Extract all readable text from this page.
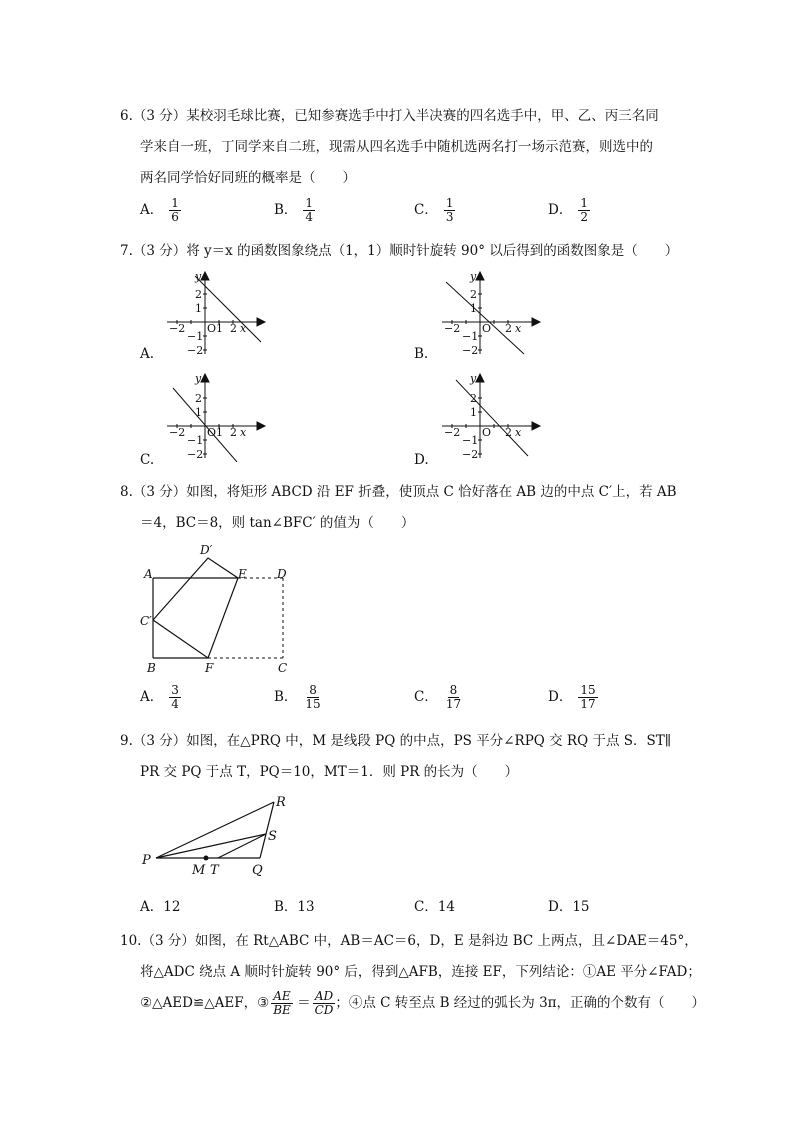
6.（3 分）某校羽毛球比赛，已知参赛选手中打入半决赛的四名选手中，甲、乙、丙三名同
学来自一班，丁同学来自二班，现需从四名选手中随机选两名打一场示范赛，则选中的
两名同学恰好同班的概率是（　　）
A． $\frac{1}{6}$	B． $\frac{1}{4}$	C． $\frac{1}{3}$	D． $\frac{1}{2}$
7.（3 分）将 y＝x 的函数图象绕点（1，1）顺时针旋转 90° 以后得到的函数图象是（　　）
y
2
1
−2 O 1 2 x
−1
−2
A.
y
2
1
−2 O 2 x
−1
−2
B.
y
2
1
−2 O 1 2 x
−1
−2
C.
y
2
1
−2 O 2 x
−1
−2
D.
8.（3 分）如图，将矩形 ABCD 沿 EF 折叠，使顶点 C 恰好落在 AB 边的中点 C′上，若 AB
＝4，BC＝8，则 tan∠BFC′ 的值为（　　）
A	E	D
D′
C′
B	F	C
A． $\frac{3}{4}$	B． $\frac{8}{15}$	C． $\frac{8}{17}$	D． $\frac{15}{17}$
9.（3 分）如图，在△PRQ 中，M 是线段 PQ 的中点，PS 平分∠RPQ 交 RQ 于点 S．ST∥
PR 交 PQ 于点 T，PQ＝10，MT＝1．则 PR 的长为（　　）
P
R
S
M T	Q
A．12	B．13	C．14	D．15
10.（3 分）如图，在 Rt△ABC 中，AB＝AC＝6，D，E 是斜边 BC 上两点，且∠DAE＝45°，
将△ADC 绕点 A 顺时针旋转 90° 后，得到△AFB，连接 EF，下列结论：①AE 平分∠FAD；
②△AED≌△AEF，③ $\frac{AE}{BE} = \frac{AD}{CD}$ ；④点 C 转至点 B 经过的弧长为 3π，正确的个数有（　　）
